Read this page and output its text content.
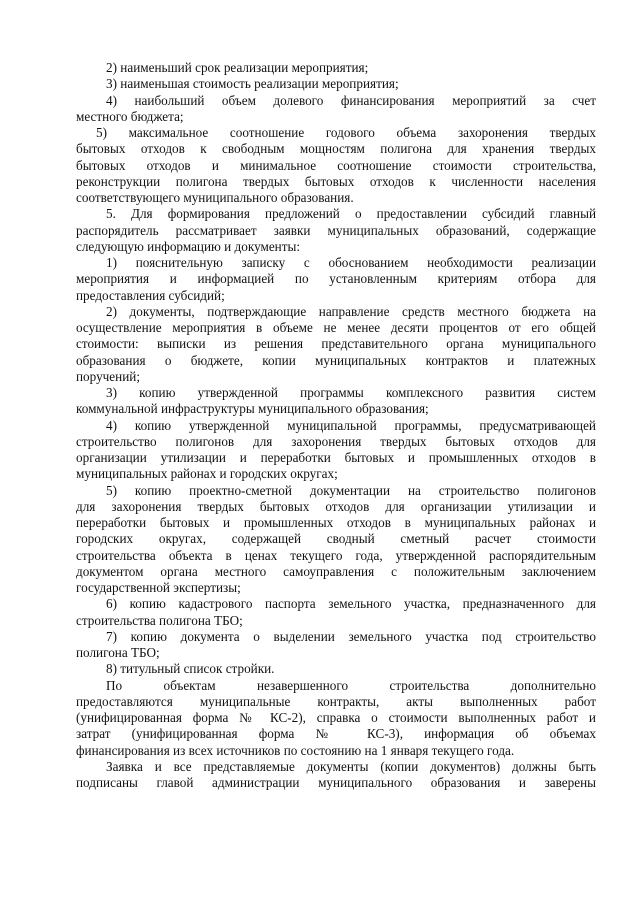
2) наименьший срок реализации мероприятия;
3) наименьшая стоимость реализации мероприятия;
4) наибольший объем долевого финансирования мероприятий за счет
местного бюджета;
5) максимальное соотношение годового объема захоронения твердых
бытовых отходов к свободным мощностям полигона для хранения твердых
бытовых отходов и минимальное соотношение стоимости строительства,
реконструкции полигона твердых бытовых отходов к численности населения
соответствующего муниципального образования.
5. Для формирования предложений о предоставлении субсидий главный
распорядитель рассматривает заявки муниципальных образований, содержащие
следующую информацию и документы:
1) пояснительную записку с обоснованием необходимости реализации
мероприятия и информацией по установленным критериям отбора для
предоставления субсидий;
2) документы, подтверждающие направление средств местного бюджета на
осуществление мероприятия в объеме не менее десяти процентов от его общей
стоимости: выписки из решения представительного органа муниципального
образования о бюджете, копии муниципальных контрактов и платежных
поручений;
3) копию утвержденной программы комплексного развития систем
коммунальной инфраструктуры муниципального образования;
4) копию утвержденной муниципальной программы, предусматривающей
строительство полигонов для захоронения твердых бытовых отходов для
организации утилизации и переработки бытовых и промышленных отходов в
муниципальных районах и городских округах;
5) копию проектно-сметной документации на строительство полигонов
для захоронения твердых бытовых отходов для организации утилизации и
переработки бытовых и промышленных отходов в муниципальных районах и
городских округах, содержащей сводный сметный расчет стоимости
строительства объекта в ценах текущего года, утвержденной распорядительным
документом органа местного самоуправления с положительным заключением
государственной экспертизы;
6) копию кадастрового паспорта земельного участка, предназначенного для
строительства полигона ТБО;
7) копию документа о выделении земельного участка под строительство
полигона ТБО;
8) титульный список стройки.
По объектам незавершенного строительства дополнительно
предоставляются муниципальные контракты, акты выполненных работ
(унифицированная форма № КС-2), справка о стоимости выполненных работ и
затрат (унифицированная форма № КС-3), информация об объемах
финансирования из всех источников по состоянию на 1 января текущего года.
Заявка и все представляемые документы (копии документов) должны быть
подписаны главой администрации муниципального образования и заверены
